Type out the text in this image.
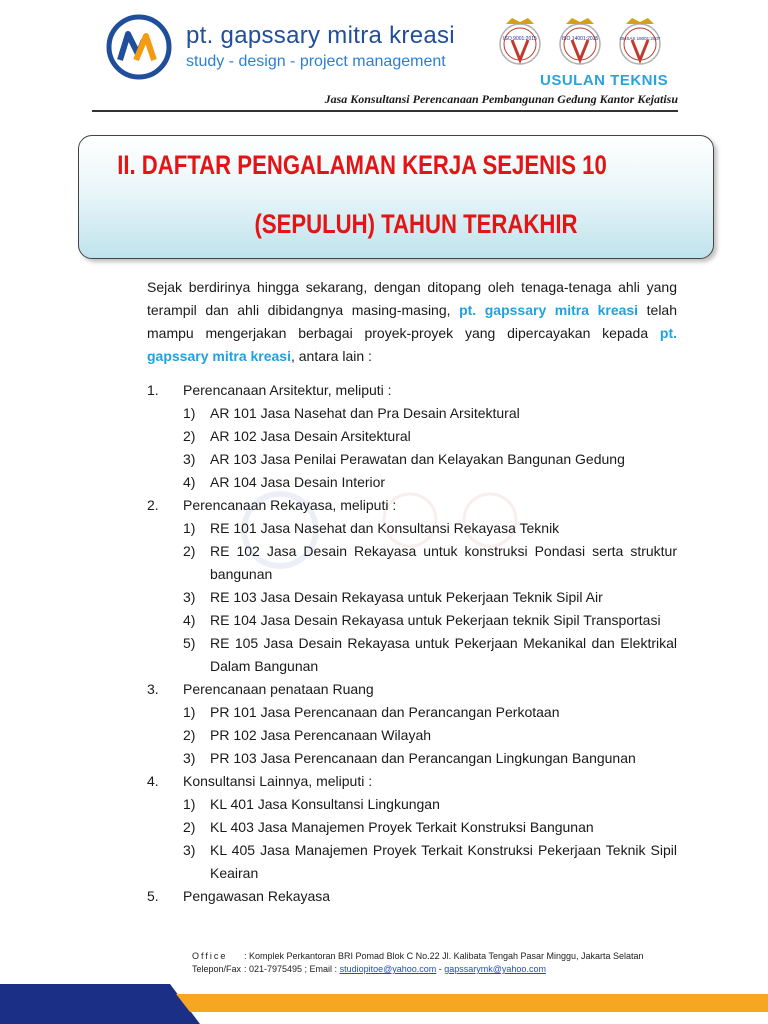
pt. gapssary mitra kreasi
study - design - project management
ISO 9001:2015	ISO 14001:2015	OHSAS 18001:2007
USULAN TEKNIS
Jasa Konsultansi Perencanaan Pembangunan Gedung Kantor Kejatisu
II. DAFTAR PENGALAMAN KERJA SEJENIS 10
(SEPULUH) TAHUN TERAKHIR

Sejak berdirinya hingga sekarang, dengan ditopang oleh tenaga-tenaga ahli yang terampil dan ahli dibidangnya masing-masing, pt. gapssary mitra kreasi telah mampu mengerjakan berbagai proyek-proyek yang dipercayakan kepada pt. gapssary mitra kreasi, antara lain :

1. Perencanaan Arsitektur, meliputi :
1) AR 101 Jasa Nasehat dan Pra Desain Arsitektural
2) AR 102 Jasa Desain Arsitektural
3) AR 103 Jasa Penilai Perawatan dan Kelayakan Bangunan Gedung
4) AR 104 Jasa Desain Interior
2. Perencanaan Rekayasa, meliputi :
1) RE 101 Jasa Nasehat dan Konsultansi Rekayasa Teknik
2) RE 102 Jasa Desain Rekayasa untuk konstruksi Pondasi serta struktur bangunan
3) RE 103 Jasa Desain Rekayasa untuk Pekerjaan Teknik Sipil Air
4) RE 104 Jasa Desain Rekayasa untuk Pekerjaan teknik Sipil Transportasi
5) RE 105 Jasa Desain Rekayasa untuk Pekerjaan Mekanikal dan Elektrikal Dalam Bangunan
3. Perencanaan penataan Ruang
1) PR 101 Jasa Perencanaan dan Perancangan Perkotaan
2) PR 102 Jasa Perencanaan Wilayah
3) PR 103 Jasa Perencanaan dan Perancangan Lingkungan Bangunan
4. Konsultansi Lainnya, meliputi :
1) KL 401 Jasa Konsultansi Lingkungan
2) KL 403 Jasa Manajemen Proyek Terkait Konstruksi Bangunan
3) KL 405 Jasa Manajemen Proyek Terkait Konstruksi Pekerjaan Teknik Sipil Keairan
5. Pengawasan Rekayasa
Office : Komplek Perkantoran BRI Pomad Blok C No.22 Jl. Kalibata Tengah Pasar Minggu, Jakarta Selatan
Telepon/Fax : 021-7975495 ; Email : studiopitoe@yahoo.com - gapssarymk@yahoo.com
